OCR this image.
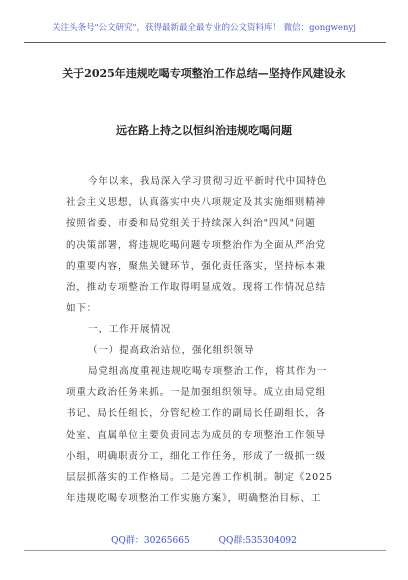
关注头条号"公文研究"，获得最新最全最专业的公文资料库！ 微信：gongwenyj
关于2025年违规吃喝专项整治工作总结—坚持作风建设永
远在路上持之以恒纠治违规吃喝问题
今年以来，我局深入学习贯彻习近平新时代中国特色
社会主义思想，认真落实中央八项规定及其实施细则精神
按照省委、市委和局党组关于持续深入纠治"四风"问题
的决策部署，将违规吃喝问题专项整治作为全面从严治党
的重要内容，聚焦关键环节，强化责任落实，坚持标本兼
治，推动专项整治工作取得明显成效。现将工作情况总结
如下：
一、工作开展情况
（一）提高政治站位，强化组织领导
局党组高度重视违规吃喝专项整治工作，将其作为一
项重大政治任务来抓。一是加强组织领导。成立由局党组
书记、局长任组长，分管纪检工作的副局长任副组长，各
处室、直属单位主要负责同志为成员的专项整治工作领导
小组，明确职责分工，细化工作任务，形成了一级抓一级
层层抓落实的工作格局。二是完善工作机制。制定《2025
年违规吃喝专项整治工作实施方案》，明确整治目标、工
QQ群：30265665	QQ群:535304092
